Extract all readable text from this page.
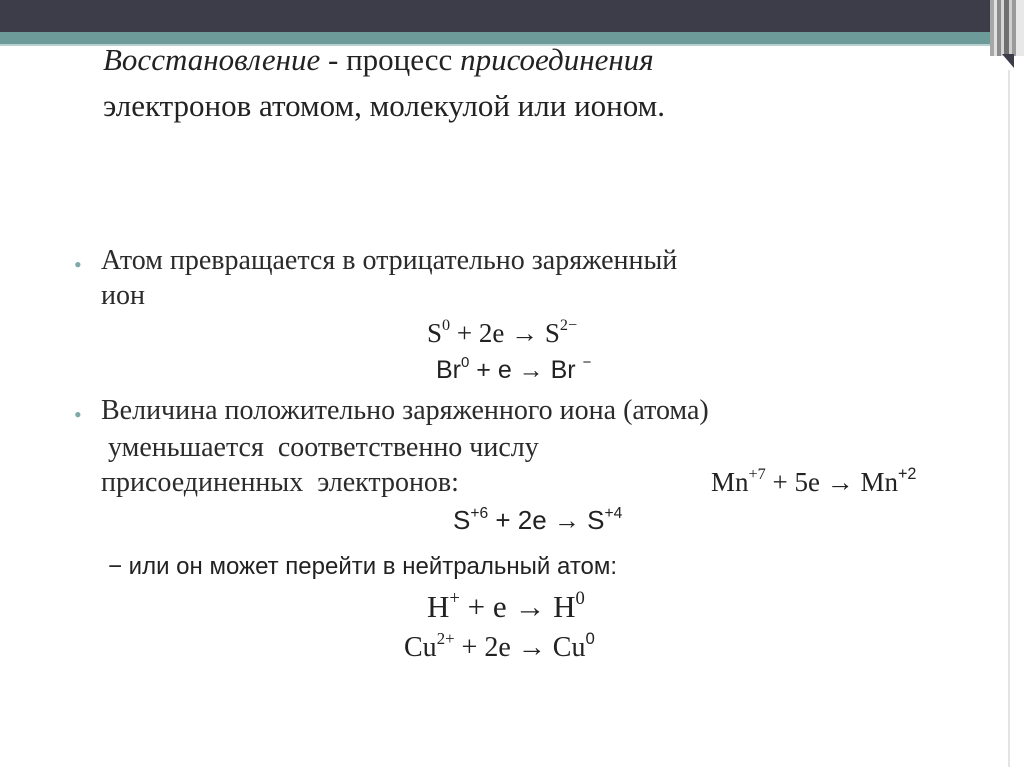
Восстановление - процесс присоединения
электронов атомом, молекулой или ионом.
• Атом превращается в отрицательно заряженный
ион
$S^0 + 2e \to S^{2-}$
$Br^0 + e \to Br$ −
• Величина положительно заряженного иона (атома)
уменьшается  соответственно числу
присоединенных  электронов:	$Mn^{+7} + 5e \to Mn^{+2}$
$S^{+6} + 2e \to S^{+4}$
− или он может перейти в нейтральный атом:
$H^+ + e \to H^0$
$Cu^{2+} + 2e \to Cu^0$
